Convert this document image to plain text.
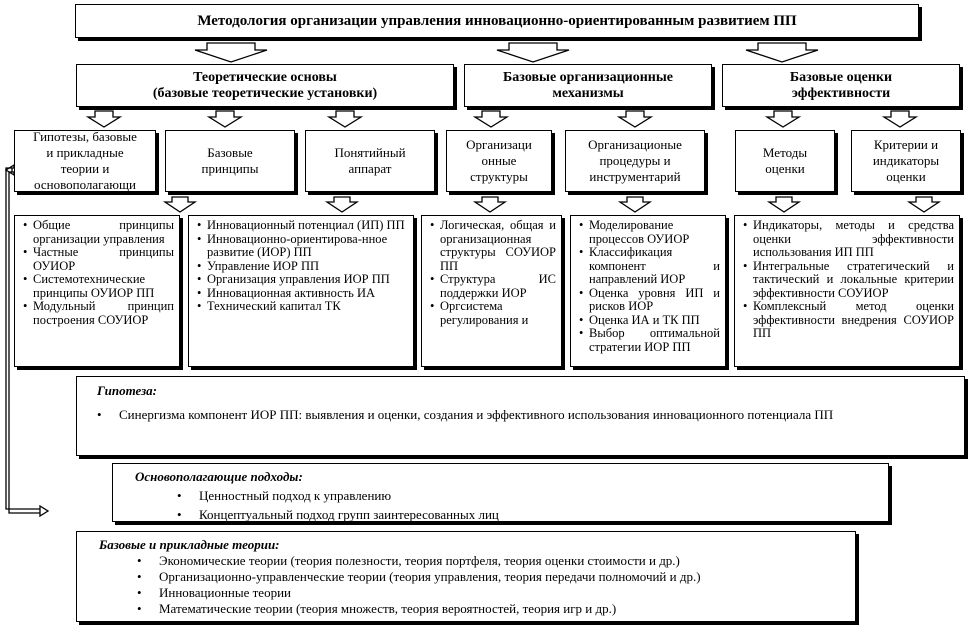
Методология организации управления инновационно-ориентированным развитием ПП
Теоретические основы
(базовые теоретические установки)
Базовые организационные
механизмы
Базовые оценки
эффективности
Гипотезы, базовые
и прикладные
теории и
основополагающи
Базовые
принципы
Понятийный
аппарат
Организаци
онные
структуры
Организационые
процедуры и
инструментарий
Методы
оценки
Критерии и
индикаторы
оценки
• Общие принципы организации управления
• Частные принципы ОУИОР
• Системотехнические принципы ОУИОР ПП
• Модульный принцип построения СОУИОР
• Инновационный потенциал (ИП) ПП
• Инновационно-ориентирова-нное развитие (ИОР) ПП
• Управление ИОР ПП
• Организация управления ИОР ПП
• Инновационная активность ИА
• Технический капитал ТК
• Логическая, общая и организационная структуры СОУИОР ПП
• Структура ИС поддержки ИОР
• Оргсистема регулирования и
• Моделирование процессов ОУИОР
• Классификация компонент и направлений ИОР
• Оценка уровня ИП и рисков ИОР
• Оценка ИА и ТК ПП
• Выбор оптимальной стратегии ИОР ПП
• Индикаторы, методы и средства оценки эффективности использования ИП ПП
• Интегральные стратегический и тактический и локальные критерии эффективности СОУИОР
• Комплексный метод оценки эффективности внедрения СОУИОР ПП
Гипотеза:
• Синергизма компонент ИОР ПП: выявления и оценки, создания и эффективного использования инновационного потенциала ПП
Основополагающие подходы:
• Ценностный подход к управлению
• Концептуальный подход групп заинтересованных лиц
Базовые и прикладные теории:
• Экономические теории (теория полезности, теория портфеля, теория оценки стоимости и др.)
• Организационно-управленческие теории (теория управления, теория передачи полномочий и др.)
• Инновационные теории
• Математические теории (теория множеств, теория вероятностей, теория игр и др.)
